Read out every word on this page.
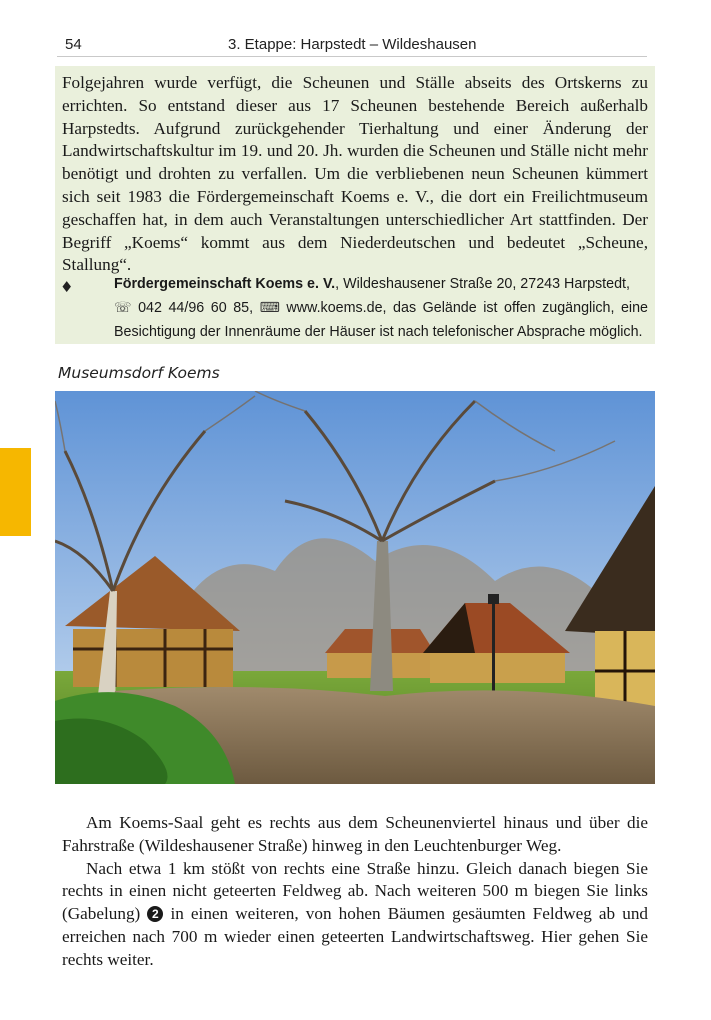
54	3. Etappe: Harpstedt – Wildeshausen

Folgejahren wurde verfügt, die Scheunen und Ställe abseits des Ortskerns zu errichten. So entstand dieser aus 17 Scheunen bestehende Bereich außerhalb Harpstedts. Aufgrund zurückgehender Tierhaltung und einer Änderung der Landwirtschaftskultur im 19. und 20. Jh. wurden die Scheunen und Ställe nicht mehr benötigt und drohten zu verfallen. Um die verbliebenen neun Scheunen kümmert sich seit 1983 die Fördergemeinschaft Koems e. V., die dort ein Freilichtmuseum geschaffen hat, in dem auch Veranstaltungen unterschiedlicher Art stattfinden. Der Begriff „Koems“ kommt aus dem Niederdeutschen und bedeutet „Scheune, Stallung“.

♦	Fördergemeinschaft Koems e. V., Wildeshausener Straße 20, 27243 Harpstedt,
☏ 042 44/96 60 85, ⌨ www.koems.de, das Gelände ist offen zugänglich, eine Besichtigung der Innenräume der Häuser ist nach telefonischer Absprache möglich.
Museumsdorf Koems

Am Koems-Saal geht es rechts aus dem Scheunenviertel hinaus und über die Fahrstraße (Wildeshausener Straße) hinweg in den Leuchtenburger Weg.

Nach etwa 1 km stößt von rechts eine Straße hinzu. Gleich danach biegen Sie rechts in einen nicht geteerten Feldweg ab. Nach weiteren 500 m biegen Sie links (Gabelung) 2 in einen weiteren, von hohen Bäumen gesäumten Feldweg ab und erreichen nach 700 m wieder einen geteerten Landwirtschaftsweg. Hier gehen Sie rechts weiter.
